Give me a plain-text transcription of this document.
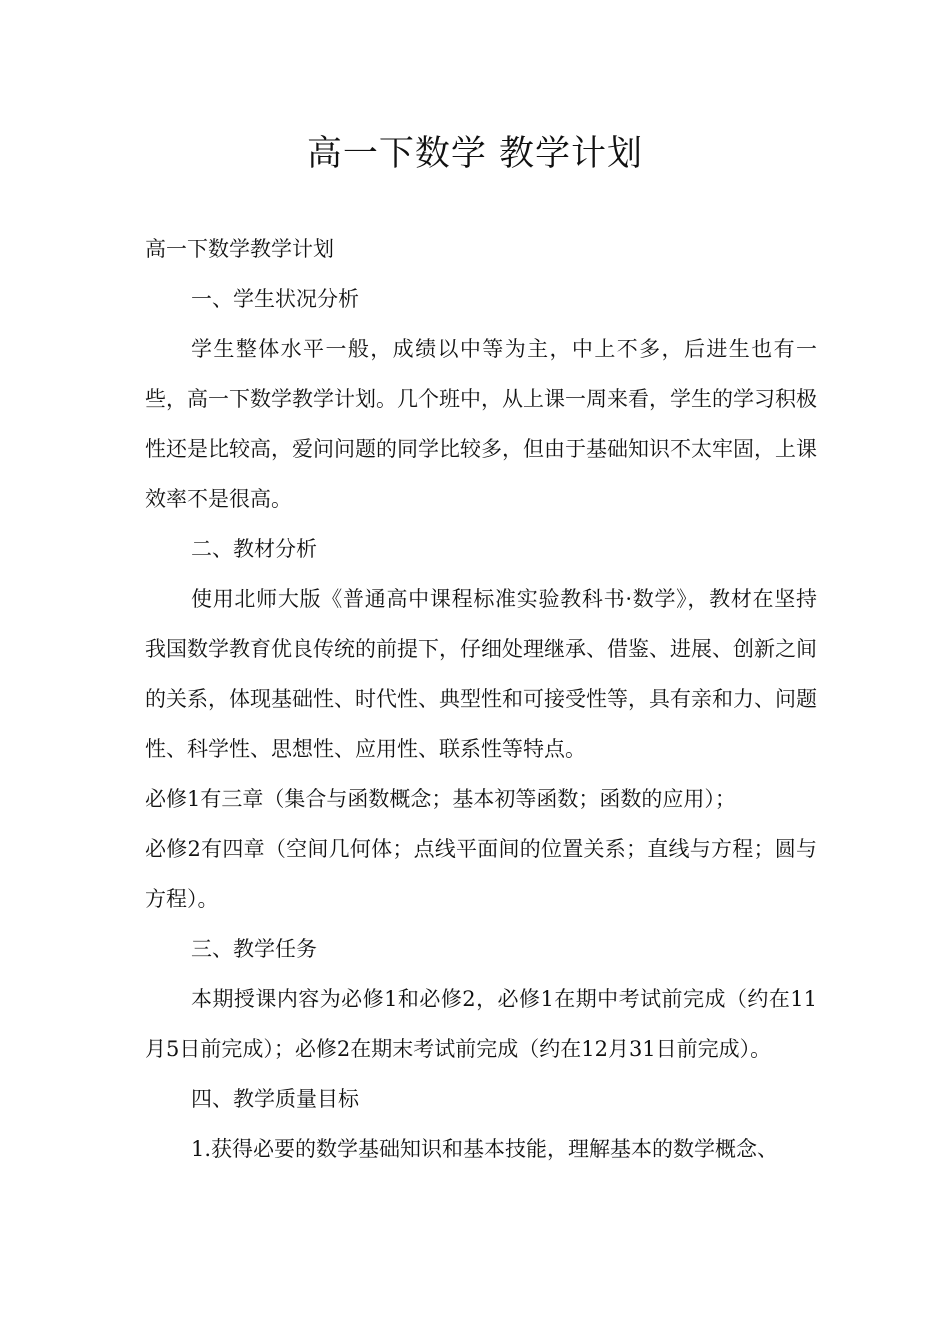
高一下数学 教学计划

高一下数学教学计划

一、学生状况分析

学生整体水平一般，成绩以中等为主，中上不多，后进生也有一些，高一下数学教学计划。几个班中，从上课一周来看，学生的学习积极性还是比较高，爱问问题的同学比较多，但由于基础知识不太牢固，上课效率不是很高。

二、教材分析

使用北师大版《普通高中课程标准实验教科书·数学》，教材在坚持我国数学教育优良传统的前提下，仔细处理继承、借鉴、进展、创新之间的关系，体现基础性、时代性、典型性和可接受性等，具有亲和力、问题性、科学性、思想性、应用性、联系性等特点。

必修1有三章（集合与函数概念；基本初等函数；函数的应用）；

必修2有四章（空间几何体；点线平面间的位置关系；直线与方程；圆与方程）。

三、教学任务

本期授课内容为必修1和必修2，必修1在期中考试前完成（约在11月5日前完成）；必修2在期末考试前完成（约在12月31日前完成）。

四、教学质量目标

1.获得必要的数学基础知识和基本技能，理解基本的数学概念、
